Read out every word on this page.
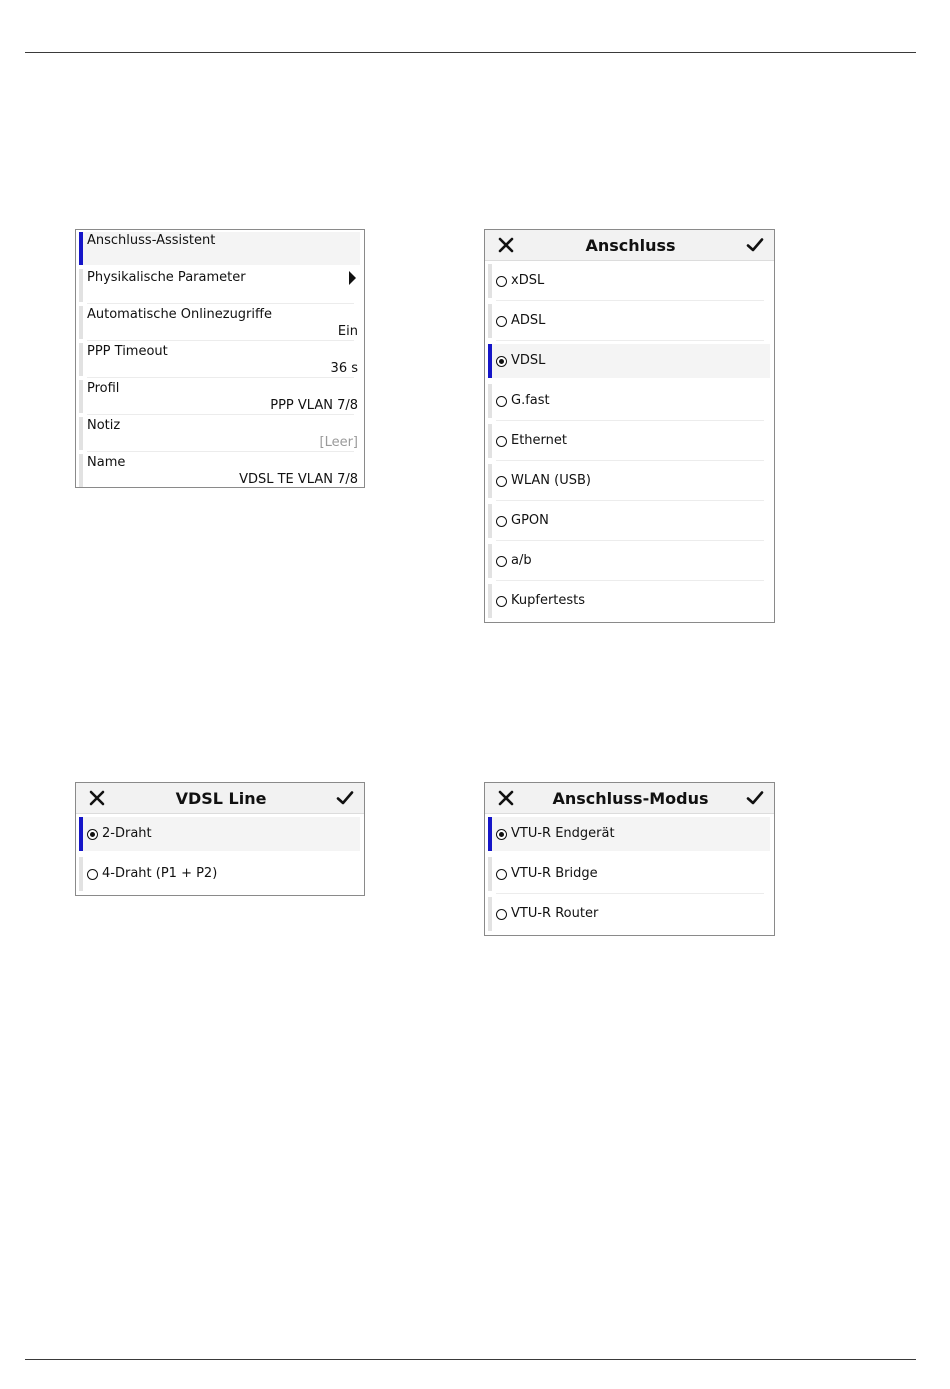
Anschluss-Assistent
Physikalische Parameter
Automatische Onlinezugriffe
Ein
PPP Timeout
36 s
Profil
PPP VLAN 7/8
Notiz
[Leer]
Name
VDSL TE VLAN 7/8
Anschluss
xDSL
ADSL
VDSL
G.fast
Ethernet
WLAN (USB)
GPON
a/b
Kupfertests
VDSL Line
2-Draht
4-Draht (P1 + P2)
Anschluss-Modus
VTU-R Endgerät
VTU-R Bridge
VTU-R Router
